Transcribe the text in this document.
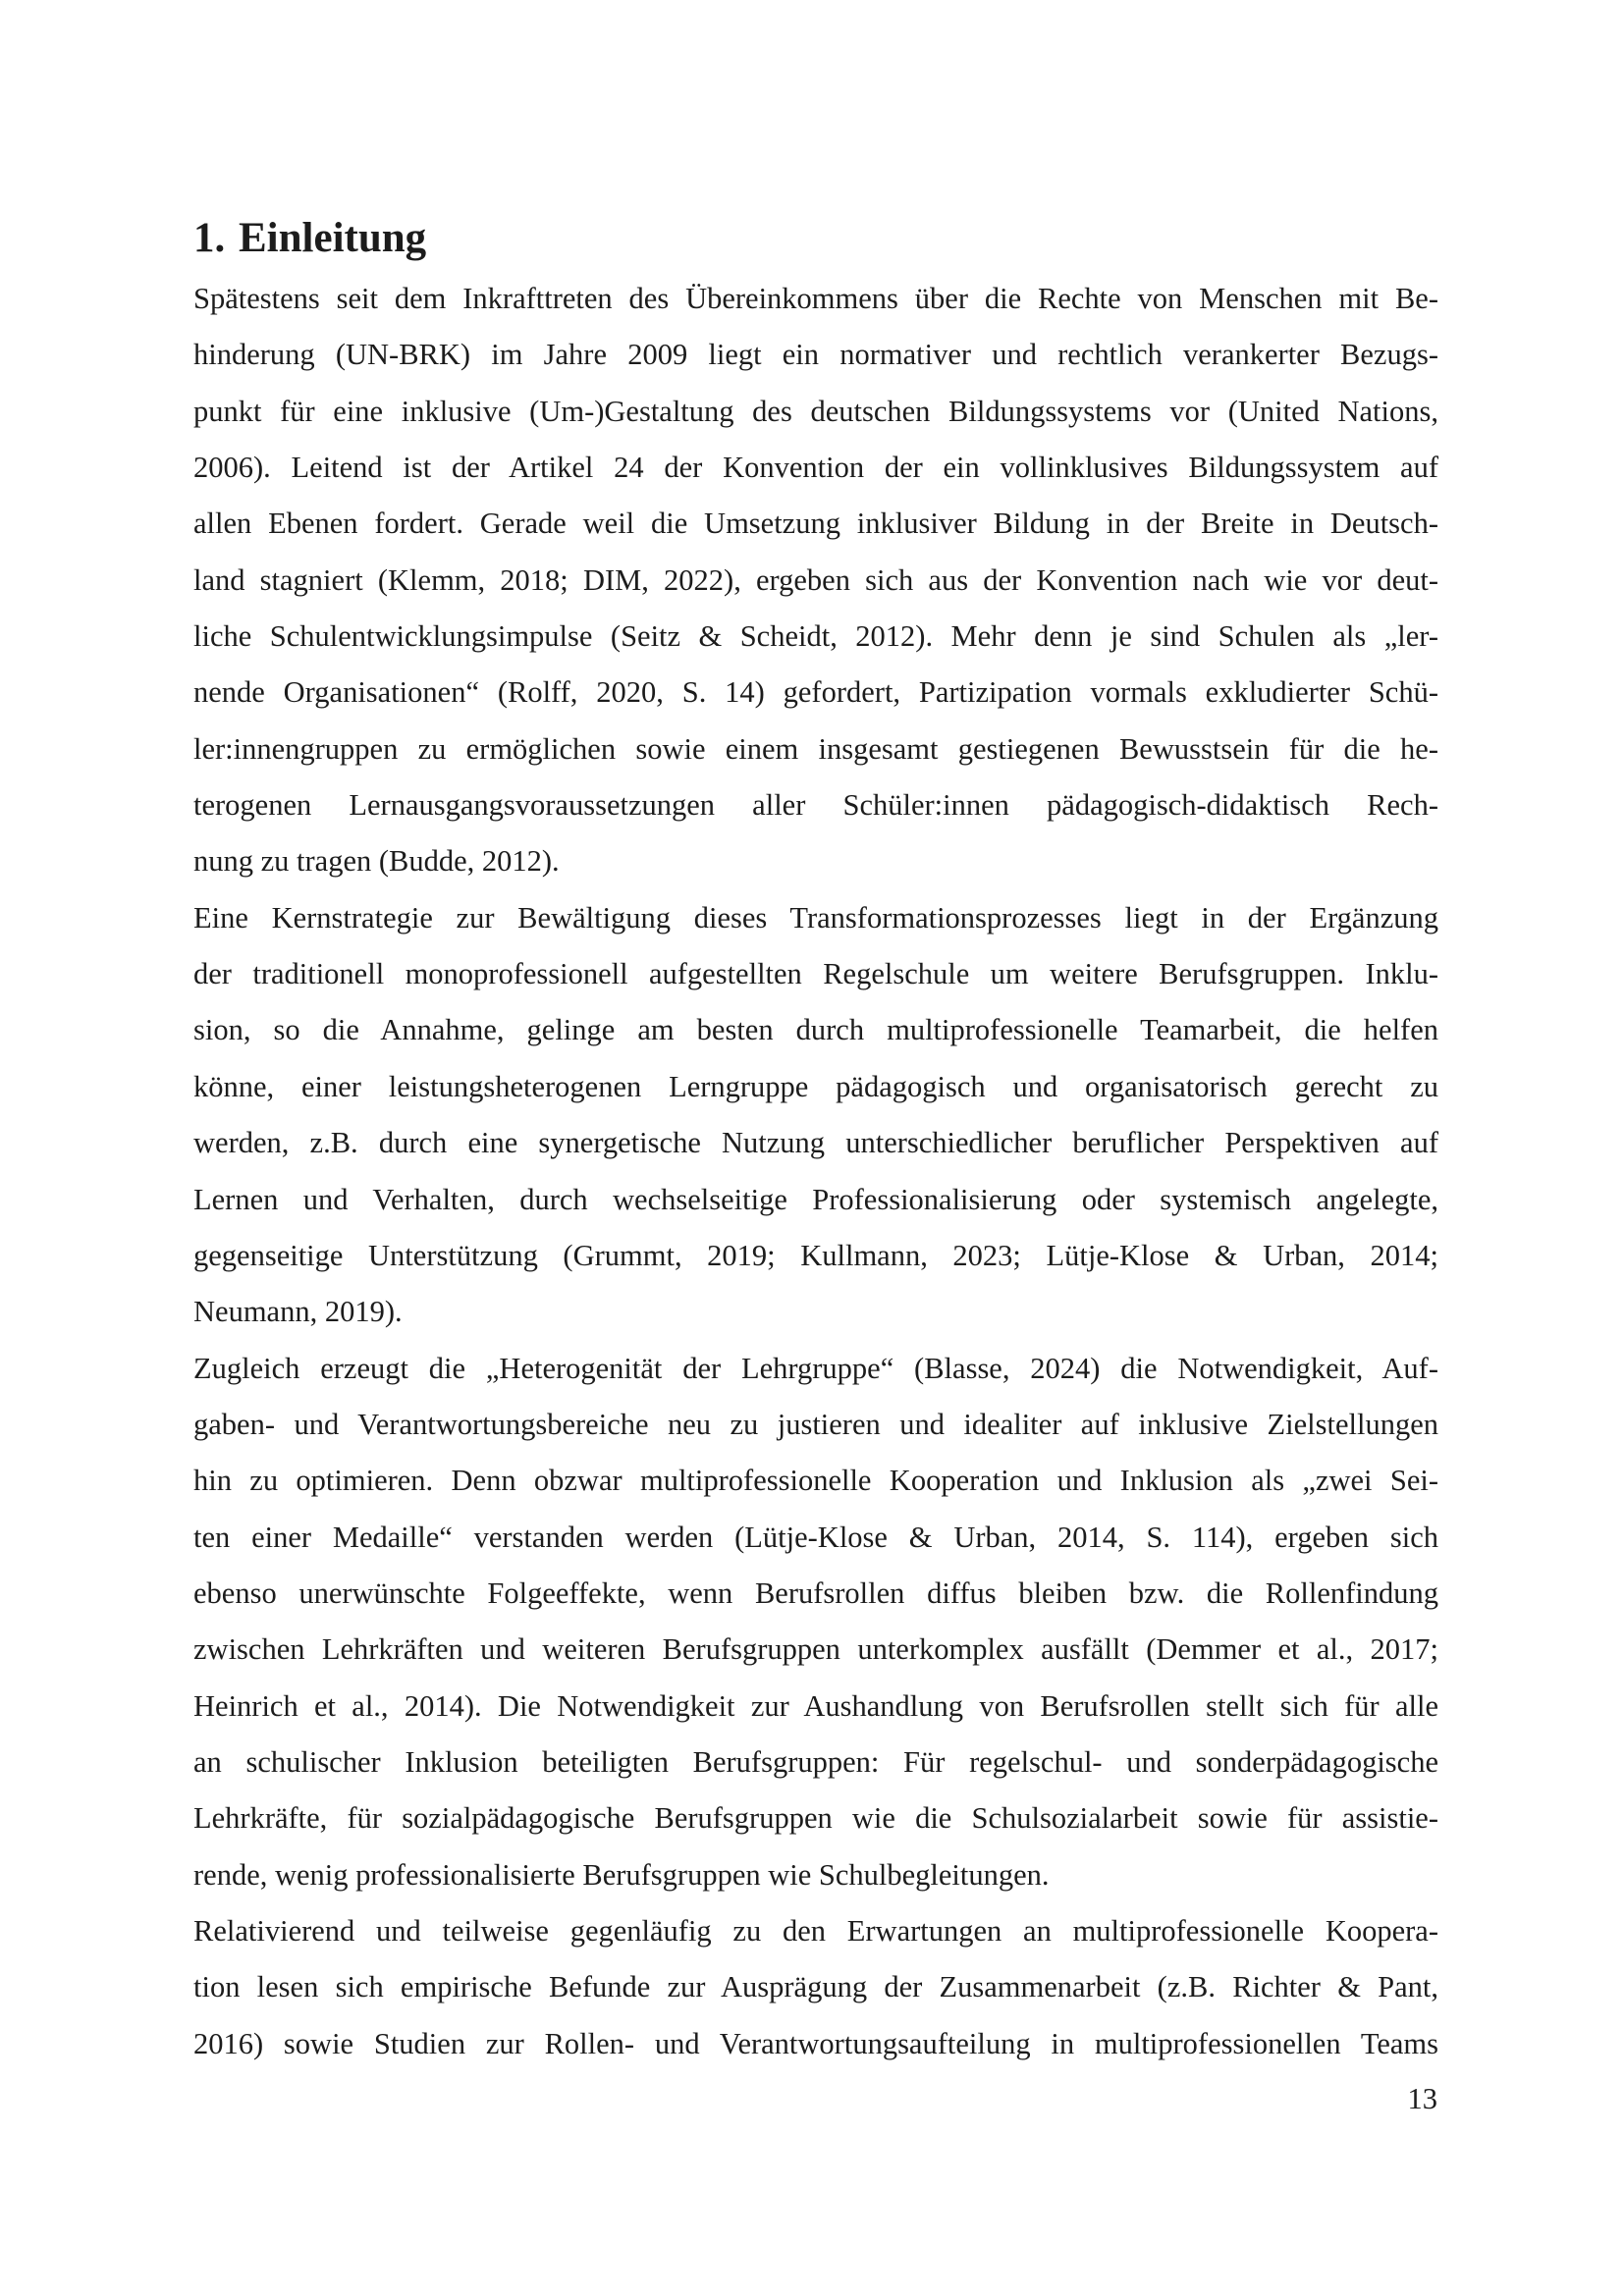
1. Einleitung
Spätestens seit dem Inkrafttreten des Übereinkommens über die Rechte von Menschen mit Be-
hinderung (UN-BRK) im Jahre 2009 liegt ein normativer und rechtlich verankerter Bezugs-
punkt für eine inklusive (Um-)Gestaltung des deutschen Bildungssystems vor (United Nations,
2006). Leitend ist der Artikel 24 der Konvention der ein vollinklusives Bildungssystem auf
allen Ebenen fordert. Gerade weil die Umsetzung inklusiver Bildung in der Breite in Deutsch-
land stagniert (Klemm, 2018; DIM, 2022), ergeben sich aus der Konvention nach wie vor deut-
liche Schulentwicklungsimpulse (Seitz & Scheidt, 2012). Mehr denn je sind Schulen als „ler-
nende Organisationen“ (Rolff, 2020, S. 14) gefordert, Partizipation vormals exkludierter Schü-
ler:innengruppen zu ermöglichen sowie einem insgesamt gestiegenen Bewusstsein für die he-
terogenen Lernausgangsvoraussetzungen aller Schüler:innen pädagogisch-didaktisch Rech-
nung zu tragen (Budde, 2012).
Eine Kernstrategie zur Bewältigung dieses Transformationsprozesses liegt in der Ergänzung
der traditionell monoprofessionell aufgestellten Regelschule um weitere Berufsgruppen. Inklu-
sion, so die Annahme, gelinge am besten durch multiprofessionelle Teamarbeit, die helfen
könne, einer leistungsheterogenen Lerngruppe pädagogisch und organisatorisch gerecht zu
werden, z.B. durch eine synergetische Nutzung unterschiedlicher beruflicher Perspektiven auf
Lernen und Verhalten, durch wechselseitige Professionalisierung oder systemisch angelegte,
gegenseitige Unterstützung (Grummt, 2019; Kullmann, 2023; Lütje-Klose & Urban, 2014;
Neumann, 2019).
Zugleich erzeugt die „Heterogenität der Lehrgruppe“ (Blasse, 2024) die Notwendigkeit, Auf-
gaben- und Verantwortungsbereiche neu zu justieren und idealiter auf inklusive Zielstellungen
hin zu optimieren. Denn obzwar multiprofessionelle Kooperation und Inklusion als „zwei Sei-
ten einer Medaille“ verstanden werden (Lütje-Klose & Urban, 2014, S. 114), ergeben sich
ebenso unerwünschte Folgeeffekte, wenn Berufsrollen diffus bleiben bzw. die Rollenfindung
zwischen Lehrkräften und weiteren Berufsgruppen unterkomplex ausfällt (Demmer et al., 2017;
Heinrich et al., 2014). Die Notwendigkeit zur Aushandlung von Berufsrollen stellt sich für alle
an schulischer Inklusion beteiligten Berufsgruppen: Für regelschul- und sonderpädagogische
Lehrkräfte, für sozialpädagogische Berufsgruppen wie die Schulsozialarbeit sowie für assistie-
rende, wenig professionalisierte Berufsgruppen wie Schulbegleitungen.
Relativierend und teilweise gegenläufig zu den Erwartungen an multiprofessionelle Koopera-
tion lesen sich empirische Befunde zur Ausprägung der Zusammenarbeit (z.B. Richter & Pant,
2016) sowie Studien zur Rollen- und Verantwortungsaufteilung in multiprofessionellen Teams
13
